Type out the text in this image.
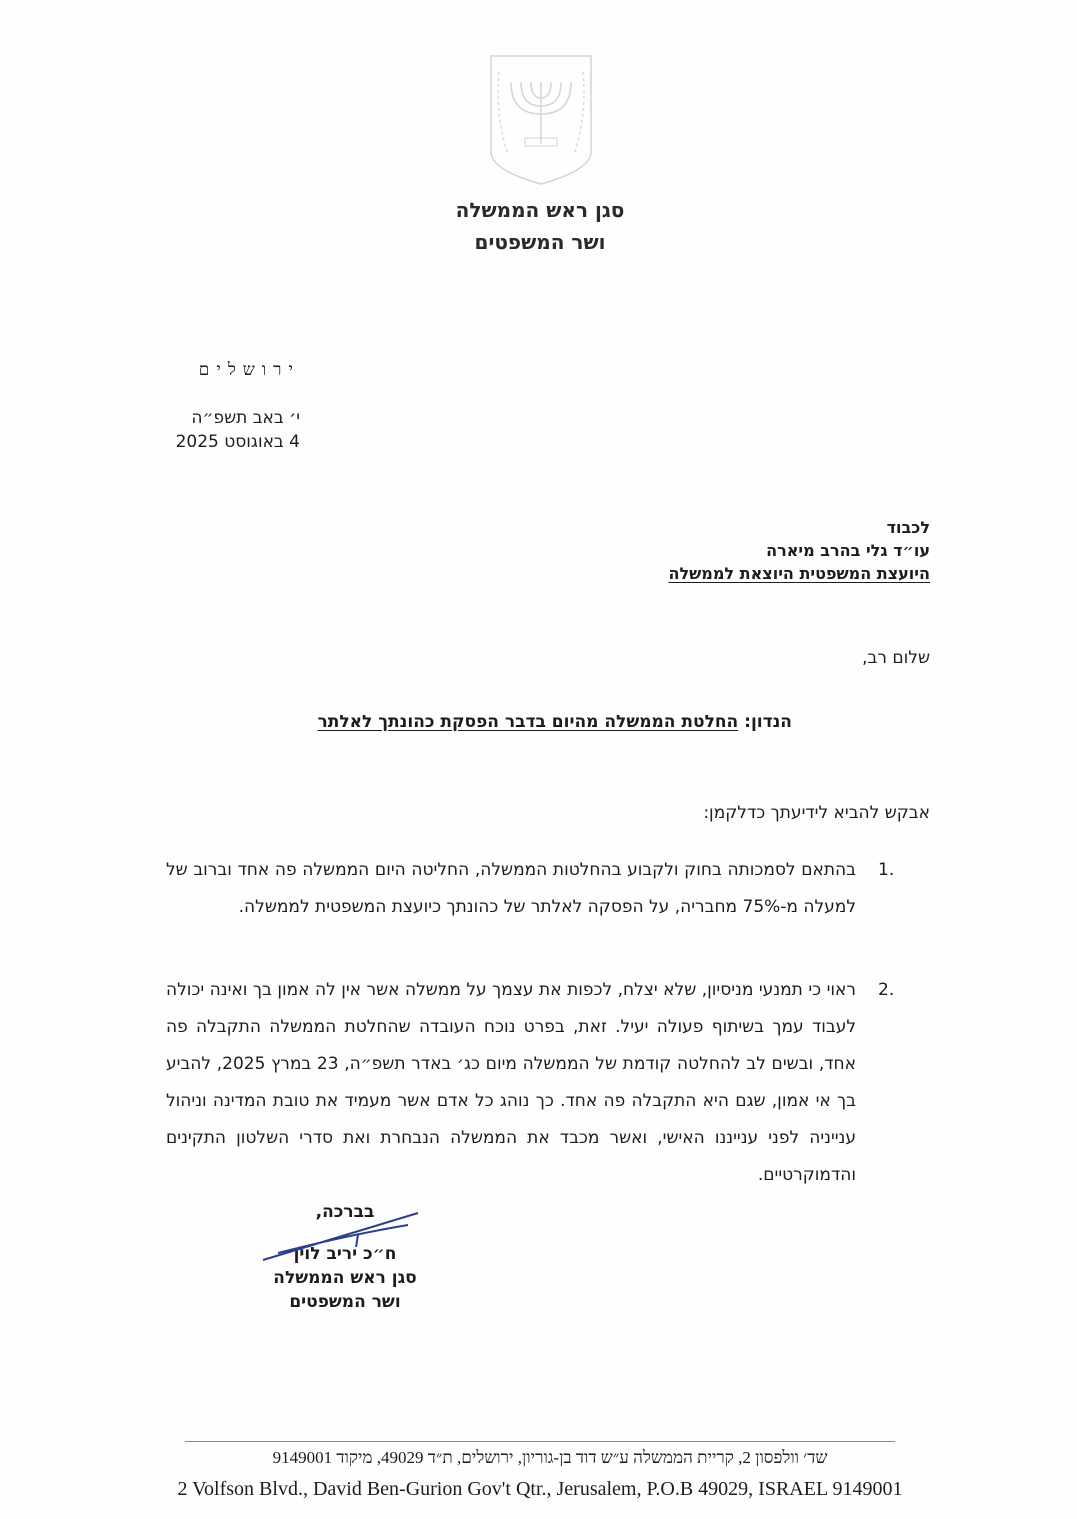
סגן ראש הממשלה
ושר המשפטים
ירושלים
י׳ באב תשפ״ה
4 באוגוסט 2025
לכבוד
עו״ד גלי בהרב מיארה
היועצת המשפטית היוצאת לממשלה
שלום רב,
הנדון: החלטת הממשלה מהיום בדבר הפסקת כהונתך לאלתר
אבקש להביא לידיעתך כדלקמן:
1.
בהתאם לסמכותה בחוק ולקבוע בהחלטות הממשלה, החליטה היום הממשלה פה אחד וברוב של למעלה מ-75% מחבריה, על הפסקה לאלתר של כהונתך כיועצת המשפטית לממשלה.
2.
ראוי כי תמנעי מניסיון, שלא יצלח, לכפות את עצמך על ממשלה אשר אין לה אמון בך ואינה יכולה לעבוד עמך בשיתוף פעולה יעיל. זאת, בפרט נוכח העובדה שהחלטת הממשלה התקבלה פה אחד, ובשים לב להחלטה קודמת של הממשלה מיום כג׳ באדר תשפ״ה, 23 במרץ 2025, להביע בך אי אמון, שגם היא התקבלה פה אחד. כך נוהג כל אדם אשר מעמיד את טובת המדינה וניהול ענייניה לפני ענייננו האישי, ואשר מכבד את הממשלה הנבחרת ואת סדרי השלטון התקינים והדמוקרטיים.
בברכה,
ח״כ יריב לוין
סגן ראש הממשלה
ושר המשפטים
שד׳ וולפסון 2, קריית הממשלה ע״ש דוד בן-גוריון, ירושלים, ת״ד 49029, מיקוד 9149001
2 Volfson Blvd., David Ben-Gurion Gov't Qtr., Jerusalem, P.O.B 49029, ISRAEL 9149001
